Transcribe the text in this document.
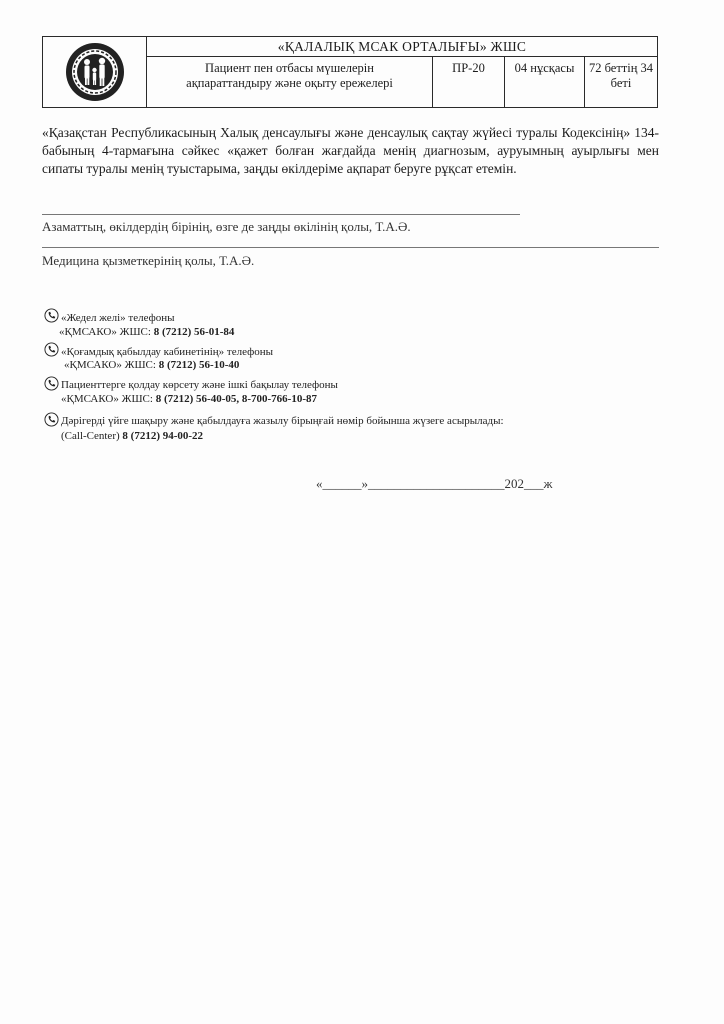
«ҚАЛАЛЫҚ МСАК ОРТАЛЫҒЫ» ЖШС
Пациент пен отбасы мүшелерін
ақпараттандыру және оқыту ережелері
ПР-20	04 нұсқасы	72 беттің 34 беті
«Қазақстан Республикасының Халық денсаулығы және денсаулық сақтау жүйесі туралы Кодексінің» 134-бабының 4-тармағына сәйкес «қажет болған жағдайда менің диагнозым, ауруымның ауырлығы мен сипаты туралы менің туыстарыма, заңды өкілдеріме ақпарат беруге рұқсат етемін.
Азаматтың, өкілдердің бірінің, өзге де заңды өкілінің қолы, Т.А.Ә.
Медицина қызметкерінің қолы, Т.А.Ә.
«Жедел желі» телефоны
«ҚМСАКО» ЖШС: 8 (7212) 56-01-84
«Қоғамдық қабылдау кабинетінің» телефоны
«ҚМСАКО» ЖШС: 8 (7212) 56-10-40
Пациенттерге қолдау көрсету және ішкі бақылау телефоны
«ҚМСАКО» ЖШС: 8 (7212) 56-40-05, 8-700-766-10-87
Дәрігерді үйге шақыру және қабылдауға жазылу бірыңғай нөмір бойынша жүзеге асырылады:
(Call-Center) 8 (7212) 94-00-22
«______»_____________________202___ж
